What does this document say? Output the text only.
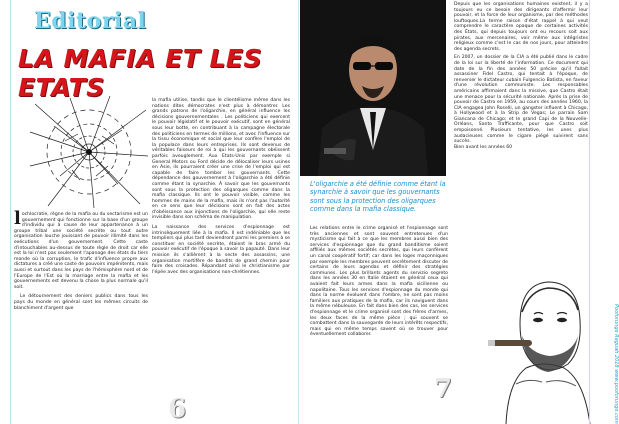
Editorial
LA MAFIA ET LES ETATS

lochlocratie, règne de la mafia ou du sectarisme est un gouvernement qui fonctionne sur la base d'un groupe d'individu qui à cause de leur appartenance à un groupe tribal une société secrète ou tout autre organisation louche jouissant de pouvoir illimité dans les exécutions d'un gouvernement. Cette caste d'intouchables au-dessus de toute règle de droit car elle est la loi n'est pas seulement l'apanage des états du tiers monde où la corruption, le trafic d'influence propre aux dictatures a créé une caste de pouvoirs impénitents, mais aussi et surtout dans les pays de l'hémisphère nord et de l'Europe de l'Est où la marriage entre la mafia et les gouvernements est devenu la chose la plus normale qu'il soit.

Le détournement des deniers publics dans tous les pays du monde en général sont les mêmes circuits de blanchiment d'argent que

la mafia utilise, tandis que le clientélisme même dans les nations dites démocrates n'est plus à démontrer. Les grands patrons de l'oligarchie, en général influence les décisions gouvernementales . Les politiciens qui exercent le pouvoir législatif et le pouvoir exécutif, sont en général sous leur botte, en contribuant à la campagne électorale des politiciens en termes de millions, et avec l'influence sur la tissu économique et social que leur confère l'emploi de la populace dans leurs entreprises. Ils sont devenus de véritables faiseurs de roi à qui les gouvernants obéissent parfois aveuglement. Aux Etats-Unis par exemple si General Motors ou Ford décide de délocaliser leurs usines en Asie, ils pourraient créer une crise de l'emploi qui est capable de faire tomber les gouvernants. Cette dépendance des gouvernement à l'oligarchie a été définie comme étant la synarchie. À savoir que les gouvernants sont sous la protection des oligarques comme dans la mafia classique. Ils ont le pouvoir visible, comme les hommes de mains de la mafia, mais ils n'ont pas l'autorité en ce sens que leur décisions sont en fait des actes d'obéissance aux injonctions de l'oligarchie, qui elle reste invisible dans son schéma de manipulation.

La naissance des services d'espionnage est intrinsèquement liée à la mafia. Il est indéniable que les templiers qui plus tard deviendront parmi les premiers à se constituer en société secrète, étaient le bras armé du pouvoir exécutif de l'époque à savoir la papauté. Dans leur mission ils s'allièrent à la secte des assassins, une organisation mortifère de bandits de grand chemin pour faire des croisades. Répandant ainsi le christianisme par l'épée avec des organisations non-chrétiennes.

6

L'oligarchie a été définie comme étant la synarchie à savoir que les gouvernants sont sous la protection des oligarques comme dans la mafia classique.

Les relations entre le crime organisé et l'espionnage sont très anciennes et sont souvent entretenues d'un mysticisme qui fait à ce que les membres aussi bien des services d'espionnage que du grand banditisme soient affiliés aux mêmes sociétés secrètes, qui leurs confèrent un canal coopératif fortif; car dans les loges maçonniques par exemple les membres peuvent secrètement discuter de certains de leurs agendas et définir des stratégies communes. Les plus brillants agents du servizio segreto dans les années 30 en Italie étaient en général ceux qui avaient fait leurs armes dans la mafia sicilienne ou napolitaine. Tous les services d'espionnage du monde qui dans la norme évoluent dans l'ombre, ne sont pas moins familiers aux pratiques de la mafia, car ils naviguent dans la même nébuleuse. En fait dans bien des cas, les services d'espionnage et le crime organisé sont des frères d'armes, les deux faces de la même pièce ; qui souvent se combattent dans la sauvegarde de leurs intérêts respectifs, mais qui en même temps savent où se trouver pour éventuellement collaborer.

Depuis que les organisations humaines existent, il y a toujours eu ce besoin des dirigeants d'affermir leur pouvoir, et la force de leur organisme, par des méthodes louftoques.La terme raison d'état rappel à qui veut comprendre le caractère opaque de certaines activités des États, qui depuis toujours ont eu recours soit aux pirates, aux mercenaires, voir même aux intégristes religieux comme c'est le cas de nos jours, pour atteindre des agenda secrets.

En 2007, un dossier de la CIA a été publié dans le cadre de la loi sur la liberté de l'information. Ce document qui date de la fin des années 50 précise qu'il fallait assassiner Fidel Castro, qui tentait à l'époque, de renverser le dictateur cubain Fulgencio Batista, en faveur d'une révolution communiste. Les responsables américains affirmaient dans la missive, que Castro était une menace pour la sécurité nationale. Après la prise de pouvoir de Castro en 1959, au cours des années 1960, la CIA engagea John Roselli, un gangster influent à Chicago, à Hollywood et à la Strip de Vegas; Le parrain Sam Giancana de Chicago; et le grand Capi de la Nouvelle-Orléans, Santo Trafficante, pour que Castro soit empoisonné. Plusieurs tentative, les unes plus audacieuses comme le cigare piégé suivirent sans succès.

Bien avant les années 60

7	Pooforunge Raguah 2018 www.pooforunge.com
